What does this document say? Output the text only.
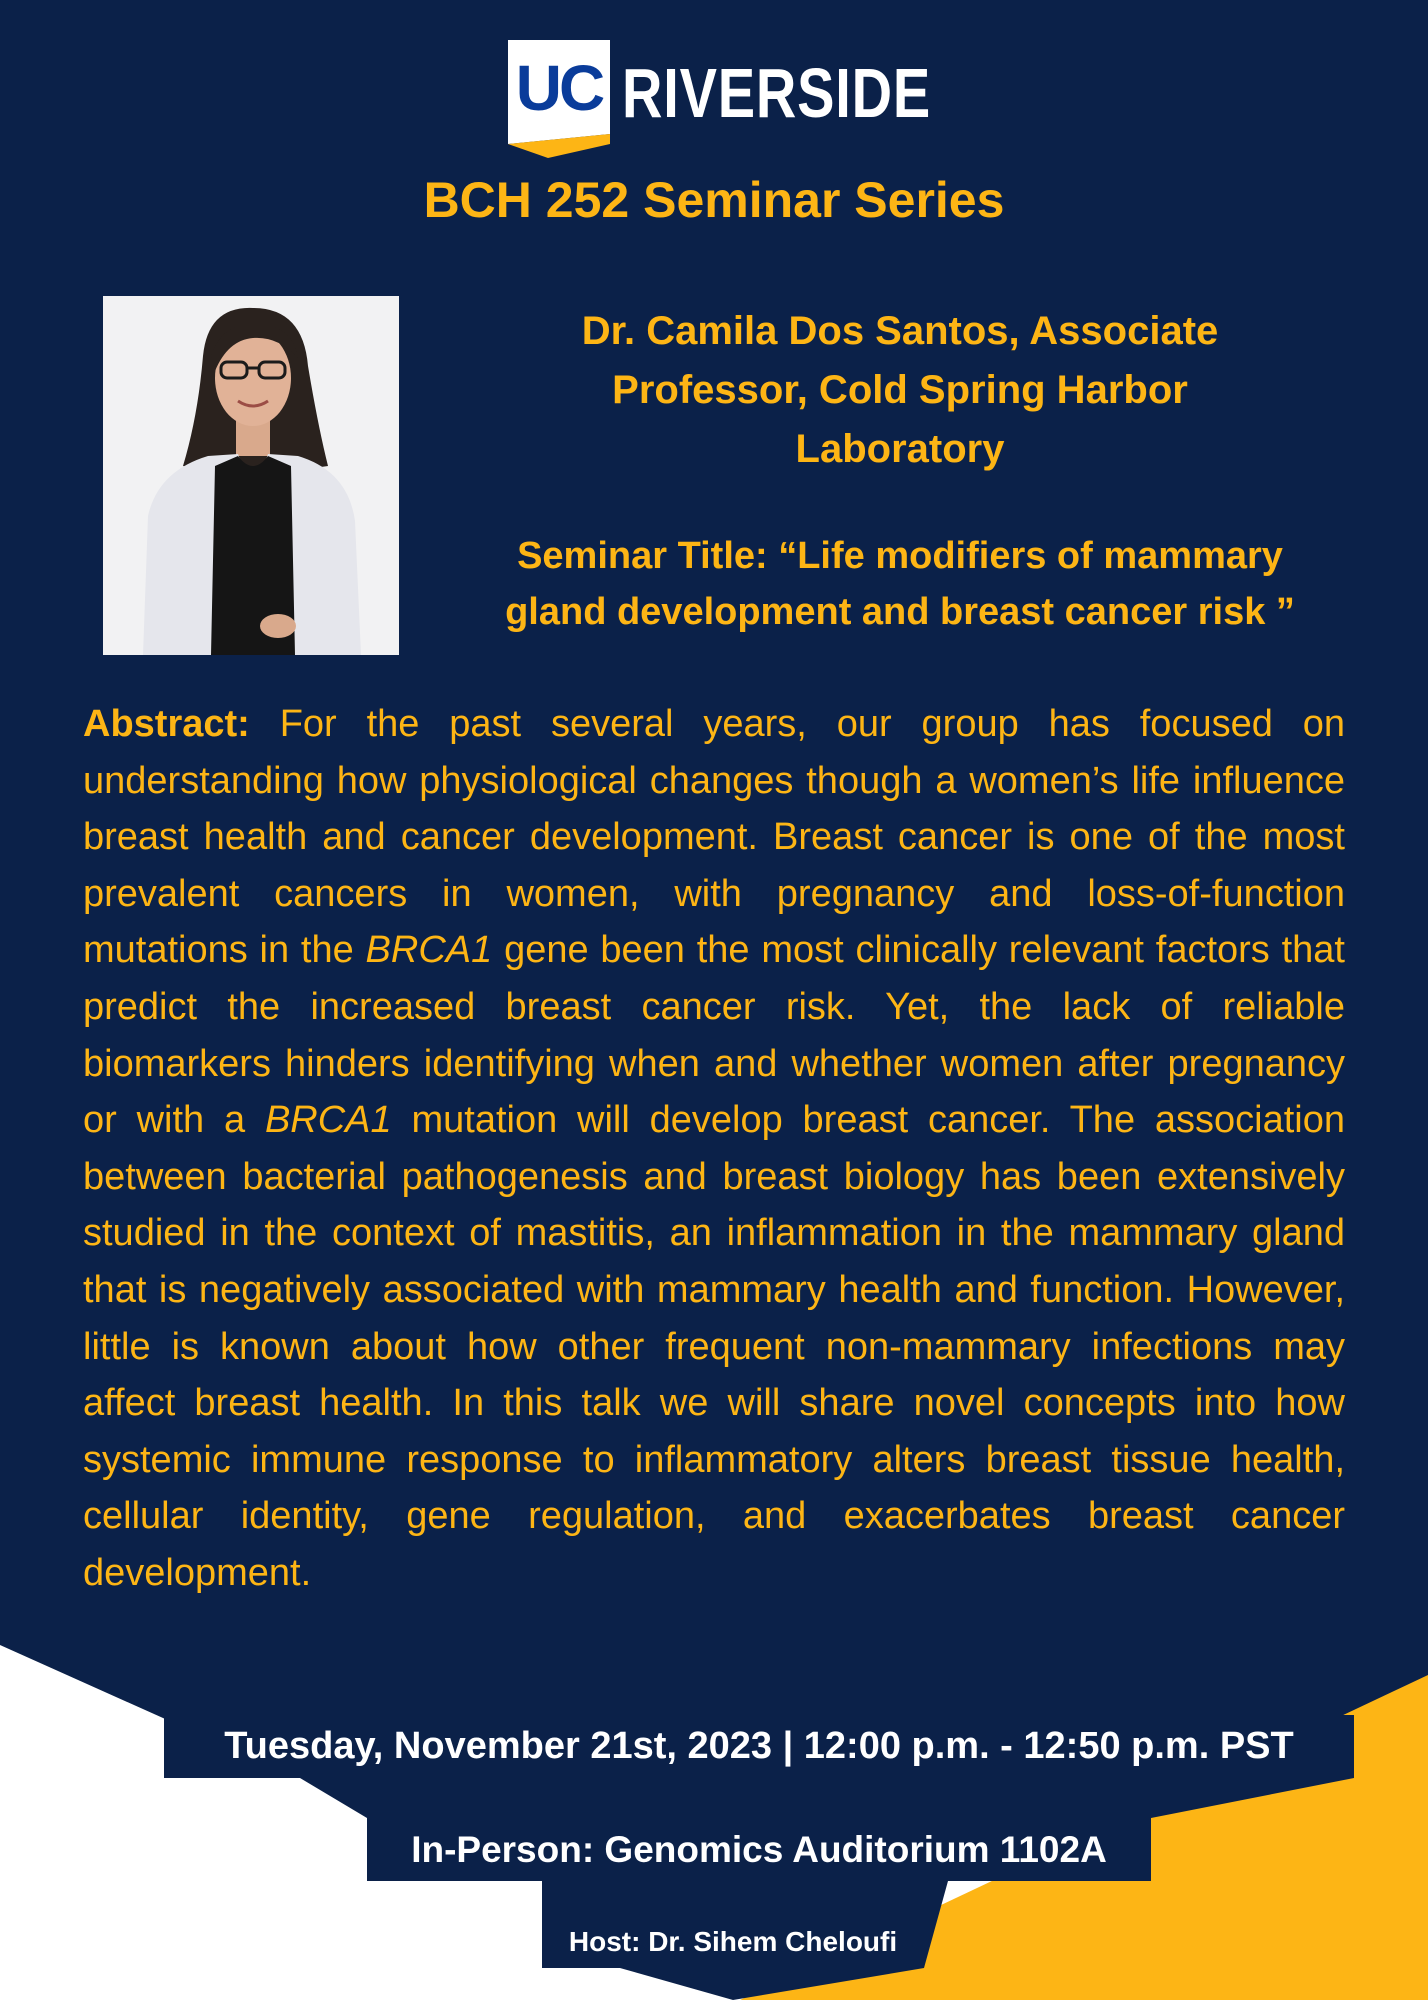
UC RIVERSIDE
BCH 252 Seminar Series
Dr. Camila Dos Santos, Associate
Professor, Cold Spring Harbor
Laboratory
Seminar Title: “Life modifiers of mammary
gland development and breast cancer risk ”
Abstract: For the past several years, our group has focused on understanding how physiological changes though a women’s life influence breast health and cancer development. Breast cancer is one of the most prevalent cancers in women, with pregnancy and loss-of-function mutations in the BRCA1 gene been the most clinically relevant factors that predict the increased breast cancer risk. Yet, the lack of reliable biomarkers hinders identifying when and whether women after pregnancy or with a BRCA1 mutation will develop breast cancer. The association between bacterial pathogenesis and breast biology has been extensively studied in the context of mastitis, an inflammation in the mammary gland that is negatively associated with mammary health and function. However, little is known about how other frequent non-mammary infections may affect breast health. In this talk we will share novel concepts into how systemic immune response to inflammatory alters breast tissue health, cellular identity, gene regulation, and exacerbates breast cancer development.
Tuesday, November 21st, 2023 | 12:00 p.m. - 12:50 p.m. PST
In-Person: Genomics Auditorium 1102A
Host: Dr. Sihem Cheloufi
